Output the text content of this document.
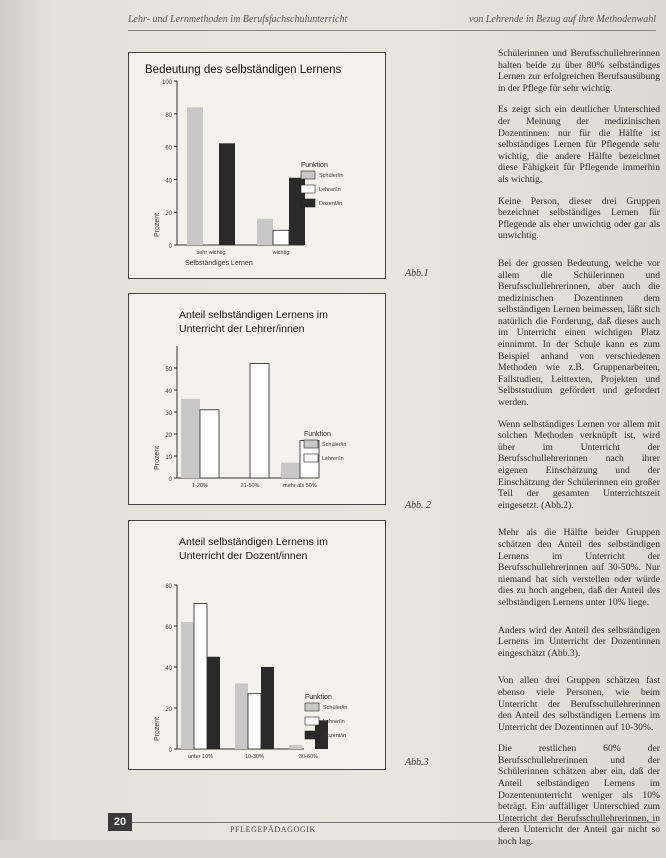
Lehr- und Lernmethoden im Berufsfachschulunterricht	von Lehrende in Bezug auf ihre Methodenwahl
Bedeutung des selbständigen Lernens
0
20
40
60
80
100
Prozent
sehr wichtig	wichtig
Selbständiges Lernen
Funktion
Schüler/in
Lehrer/in
Dozent/in
Abb.1
Anteil selbständigen Lernens im
Unterricht der Lehrer/innen
0
10
20
30
40
50
Prozent
1-20%	21-50%	mehr als 50%
Funktion
Schüler/in
Lehrer/in
Abb. 2
Anteil selbständigen Lernens im
Unterricht der Dozent/innen
0
20
40
60
80
Prozent
unter 10%	10-30%	30-60%
Funktion
Schüler/in
Lehrer/in
Dozent/in
Abb.3

Schülerinnen und Berufsschullehrerinnen halten beide zu über 80% selbständiges Lernen zur erfolgreichen Berufsausübung in der Pflege für sehr wichtig.

Es zeigt sich ein deutlicher Unterschied der Meinung der medizinischen Dozentinnen: nur für die Hälfte ist selbständiges Lernen für Pflegende sehr wichtig, die andere Hälfte bezeichnet diese Fähigkeit für Pflegende immerhin als wichtig.

Keine Person, dieser drei Gruppen bezeichnet selbständiges Lernen für Pflegende als eher unwichtig oder gar als unwichtig.

Bei der grossen Bedeutung, welche vor allem die Schülerinnen und Berufsschullehrerinnen, aber auch die medizinischen Dozentinnen dem selbständigen Lernen beimessen, läßt sich natürlich die Forderung, daß dieses auch im Unterricht einen wichtigen Platz einnimmt. In der Schule kann es zum Beispiel anhand von verschiedenen Methoden wie z.B. Gruppenarbeiten, Fallstudien, Leittexten, Projekten und Selbststudium gefördert und gefordert werden.

Wenn selbständiges Lernen vor allem mit solchen Methoden verknüpft ist, wird über im Unterricht der Berufsschullehrerinnen nach ihrer eigenen Einschätzung und der Einschätzung der Schülerinnen ein großer Teil der gesamten Unterrichtszeit eingesetzt. (Abb.2).

Mehr als die Hälfte beider Gruppen schätzen den Anteil des selbständigen Lernens im Unterricht der Berufsschullehrerinnen auf 30-50%. Nur niemand hat sich verstellen oder würde dies zu hoch angeben, daß der Anteil des selbständigen Lernens unter 10% liege.

Anders wird der Anteil des selbständigen Lernens im Unterricht der Dozentinnen eingeschätzt (Abb.3).

Von allen drei Gruppen schätzen fast ebenso viele Personen, wie beim Unterricht der Berufsschullehrerinnen den Anteil des selbständigen Lernens im Unterricht der Dozentinnen auf 10-30%.

Die restlichen 60% der Berufsschullehrerinnen und der Schülerinnen schätzen aber ein, daß der Anteil selbständigen Lernens im Dozentenunterricht weniger als 10% beträgt. Ein auffälliger Unterschied zum Unterricht der Berufsschullehrerinnen, in deren Unterricht der Anteil gar nicht so hoch lag.

20
PFLEGEPÄDAGOGIK
